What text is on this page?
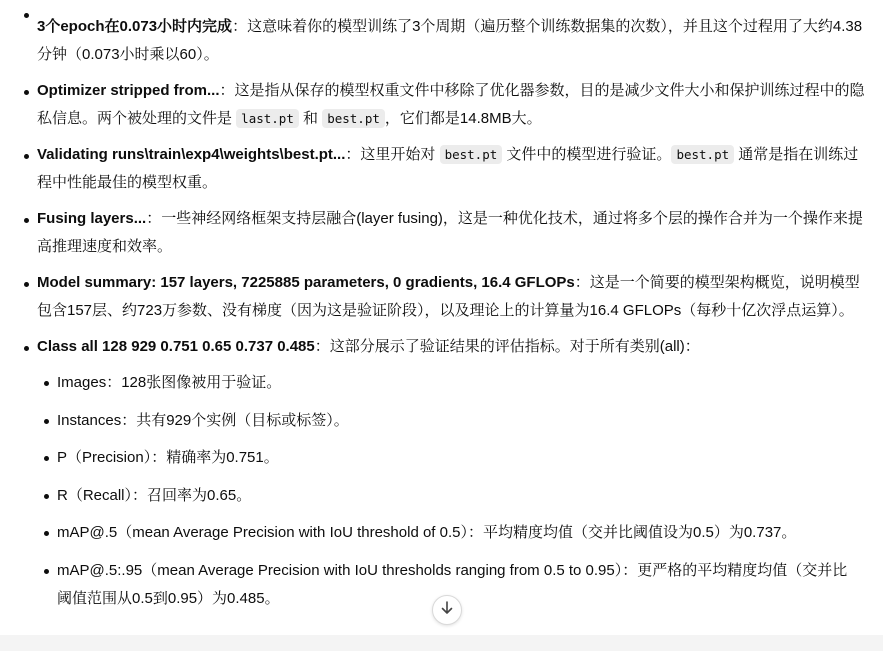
3个epoch在0.073小时内完成：这意味着你的模型训练了3个周期（遍历整个训练数据集的次数），并且这个过程用了大约4.38分钟（0.073小时乘以60）。
Optimizer stripped from...：这是指从保存的模型权重文件中移除了优化器参数，目的是减少文件大小和保护训练过程中的隐私信息。两个被处理的文件是 last.pt 和 best.pt ，它们都是14.8MB大。
Validating runs\train\exp4\weights\best.pt...：这里开始对 best.pt 文件中的模型进行验证。 best.pt 通常是指在训练过程中性能最佳的模型权重。
Fusing layers...：一些神经网络框架支持层融合(layer fusing)，这是一种优化技术，通过将多个层的操作合并为一个操作来提高推理速度和效率。
Model summary: 157 layers, 7225885 parameters, 0 gradients, 16.4 GFLOPs：这是一个简要的模型架构概览，说明模型包含157层、约723万参数、没有梯度（因为这是验证阶段），以及理论上的计算量为16.4 GFLOPs（每秒十亿次浮点运算）。
Class all 128 929 0.751 0.65 0.737 0.485：这部分展示了验证结果的评估指标。对于所有类别(all)：
Images：128张图像被用于验证。
Instances：共有929个实例（目标或标签）。
P（Precision）：精确率为0.751。
R（Recall）：召回率为0.65。
mAP@.5（mean Average Precision with IoU threshold of 0.5）：平均精度均值（交并比阈值设为0.5）为0.737。
mAP@.5:.95（mean Average Precision with IoU thresholds ranging from 0.5 to 0.95）：更严格的平均精度均值（交并比阈值范围从0.5到0.95）为0.485。
